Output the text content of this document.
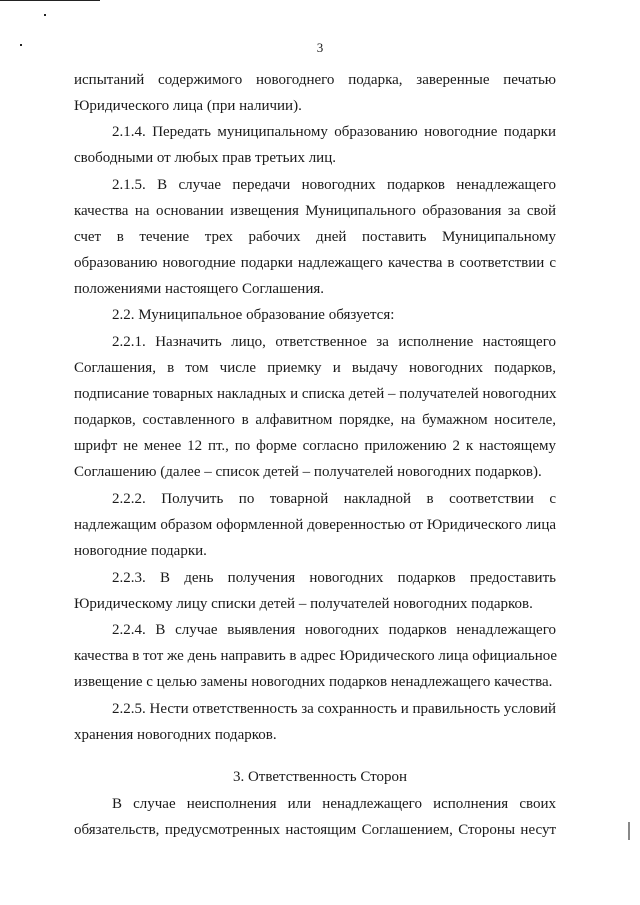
3
испытаний содержимого новогоднего подарка, заверенные печатью
Юридического лица (при наличии).
2.1.4. Передать муниципальному образованию новогодние подарки
свободными от любых прав третьих лиц.
2.1.5. В случае передачи новогодних подарков ненадлежащего
качества на основании извещения Муниципального образования за свой
счет в течение трех рабочих дней поставить Муниципальному
образованию новогодние подарки надлежащего качества в соответствии с
положениями настоящего Соглашения.
2.2. Муниципальное образование обязуется:
2.2.1. Назначить лицо, ответственное за исполнение настоящего
Соглашения, в том числе приемку и выдачу новогодних подарков,
подписание товарных накладных и списка детей – получателей новогодних
подарков, составленного в алфавитном порядке, на бумажном носителе,
шрифт не менее 12 пт., по форме согласно приложению 2 к настоящему
Соглашению (далее – список детей – получателей новогодних подарков).
2.2.2. Получить по товарной накладной в соответствии с
надлежащим образом оформленной доверенностью от Юридического лица
новогодние подарки.
2.2.3. В день получения новогодних подарков предоставить
Юридическому лицу списки детей – получателей новогодних подарков.
2.2.4. В случае выявления новогодних подарков ненадлежащего
качества в тот же день направить в адрес Юридического лица официальное
извещение с целью замены новогодних подарков ненадлежащего качества.
2.2.5. Нести ответственность за сохранность и правильность условий
хранения новогодних подарков.
3. Ответственность Сторон
В случае неисполнения или ненадлежащего исполнения своих
обязательств, предусмотренных настоящим Соглашением, Стороны несут
